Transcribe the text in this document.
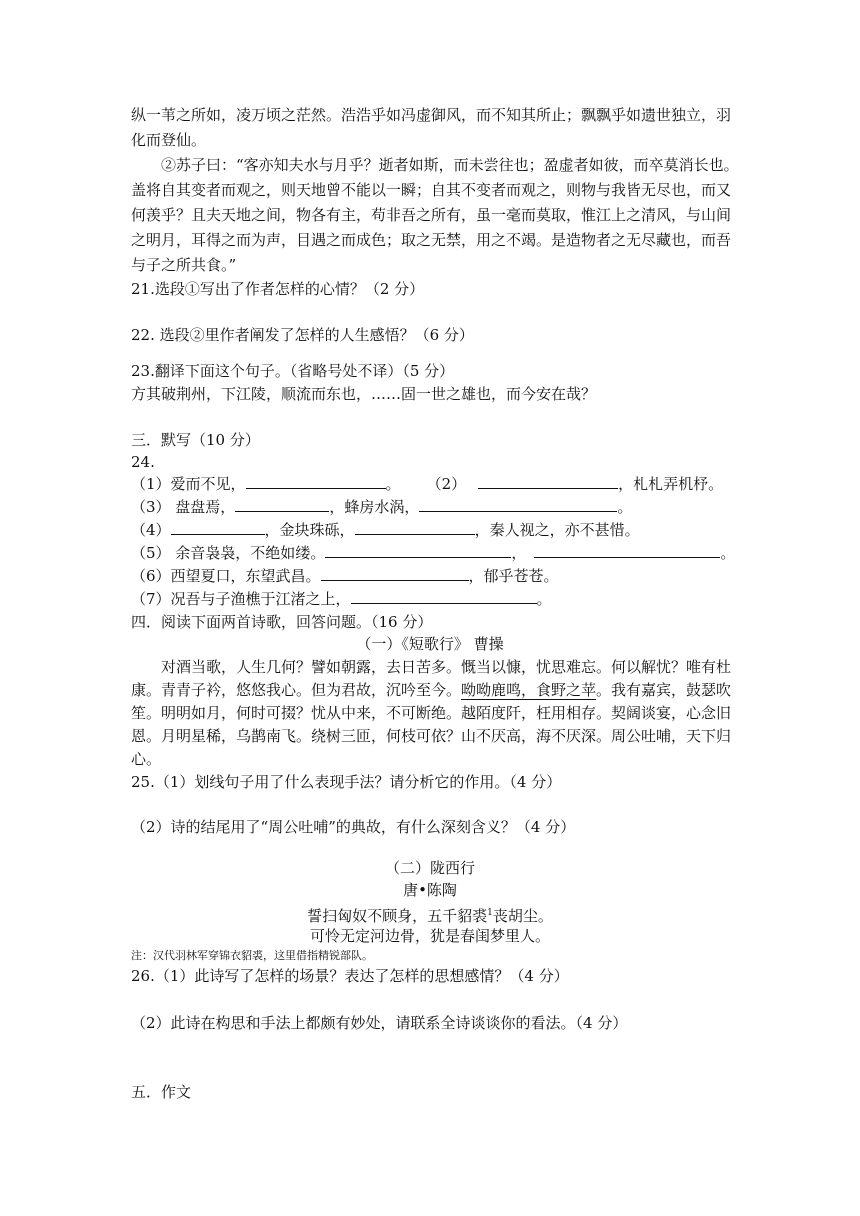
纵一苇之所如，凌万顷之茫然。浩浩乎如冯虚御风，而不知其所止；飘飘乎如遗世独立，羽
化而登仙。
②苏子曰：“客亦知夫水与月乎？逝者如斯，而未尝往也；盈虚者如彼，而卒莫消长也。
盖将自其变者而观之，则天地曾不能以一瞬；自其不变者而观之，则物与我皆无尽也，而又
何羡乎？且夫天地之间，物各有主，苟非吾之所有，虽一毫而莫取，惟江上之清风，与山间
之明月，耳得之而为声，目遇之而成色；取之无禁，用之不竭。是造物者之无尽藏也，而吾
与子之所共食。”
21.选段①写出了作者怎样的心情？（2 分）
22. 选段②里作者阐发了怎样的人生感悟？（6 分）
23.翻译下面这个句子。（省略号处不译）（5 分）
方其破荆州，下江陵，顺流而东也，……固一世之雄也，而今安在哉？
三．默写（10 分）
24.
（1）爱而不见，	。 （2）	，札札弄机杼。
（3） 盘盘焉，	，蜂房水涡，	。
（4）	，金块珠砾，	，秦人视之，亦不甚惜。
（5） 余音袅袅，不绝如缕。	，	。
（6）西望夏口，东望武昌。	，郁乎苍苍。
（7）况吾与子渔樵于江渚之上，	。
四．阅读下面两首诗歌，回答问题。（16 分）
（一）《短歌行》 曹操
对酒当歌，人生几何？譬如朝露，去日苦多。慨当以慷，忧思难忘。何以解忧？唯有杜
康。青青子衿，悠悠我心。但为君故，沉吟至今。呦呦鹿鸣，食野之苹。我有嘉宾，鼓瑟吹
笙。明明如月，何时可掇？忧从中来，不可断绝。越陌度阡，枉用相存。契阔谈宴，心念旧
恩。月明星稀，乌鹊南飞。绕树三匝，何枝可依？山不厌高，海不厌深。周公吐哺，天下归
心。
25.（1）划线句子用了什么表现手法？请分析它的作用。（4 分）
（2）诗的结尾用了“周公吐哺”的典故，有什么深刻含义？（4 分）
（二）陇西行
唐•陈陶
誓扫匈奴不顾身，五千貂裘$^1$丧胡尘。
可怜无定河边骨，犹是春闺梦里人。
注：汉代羽林军穿锦衣貂裘，这里借指精锐部队。
26.（1）此诗写了怎样的场景？表达了怎样的思想感情？（4 分）
（2）此诗在构思和手法上都颇有妙处，请联系全诗谈谈你的看法。（4 分）
五．作文
